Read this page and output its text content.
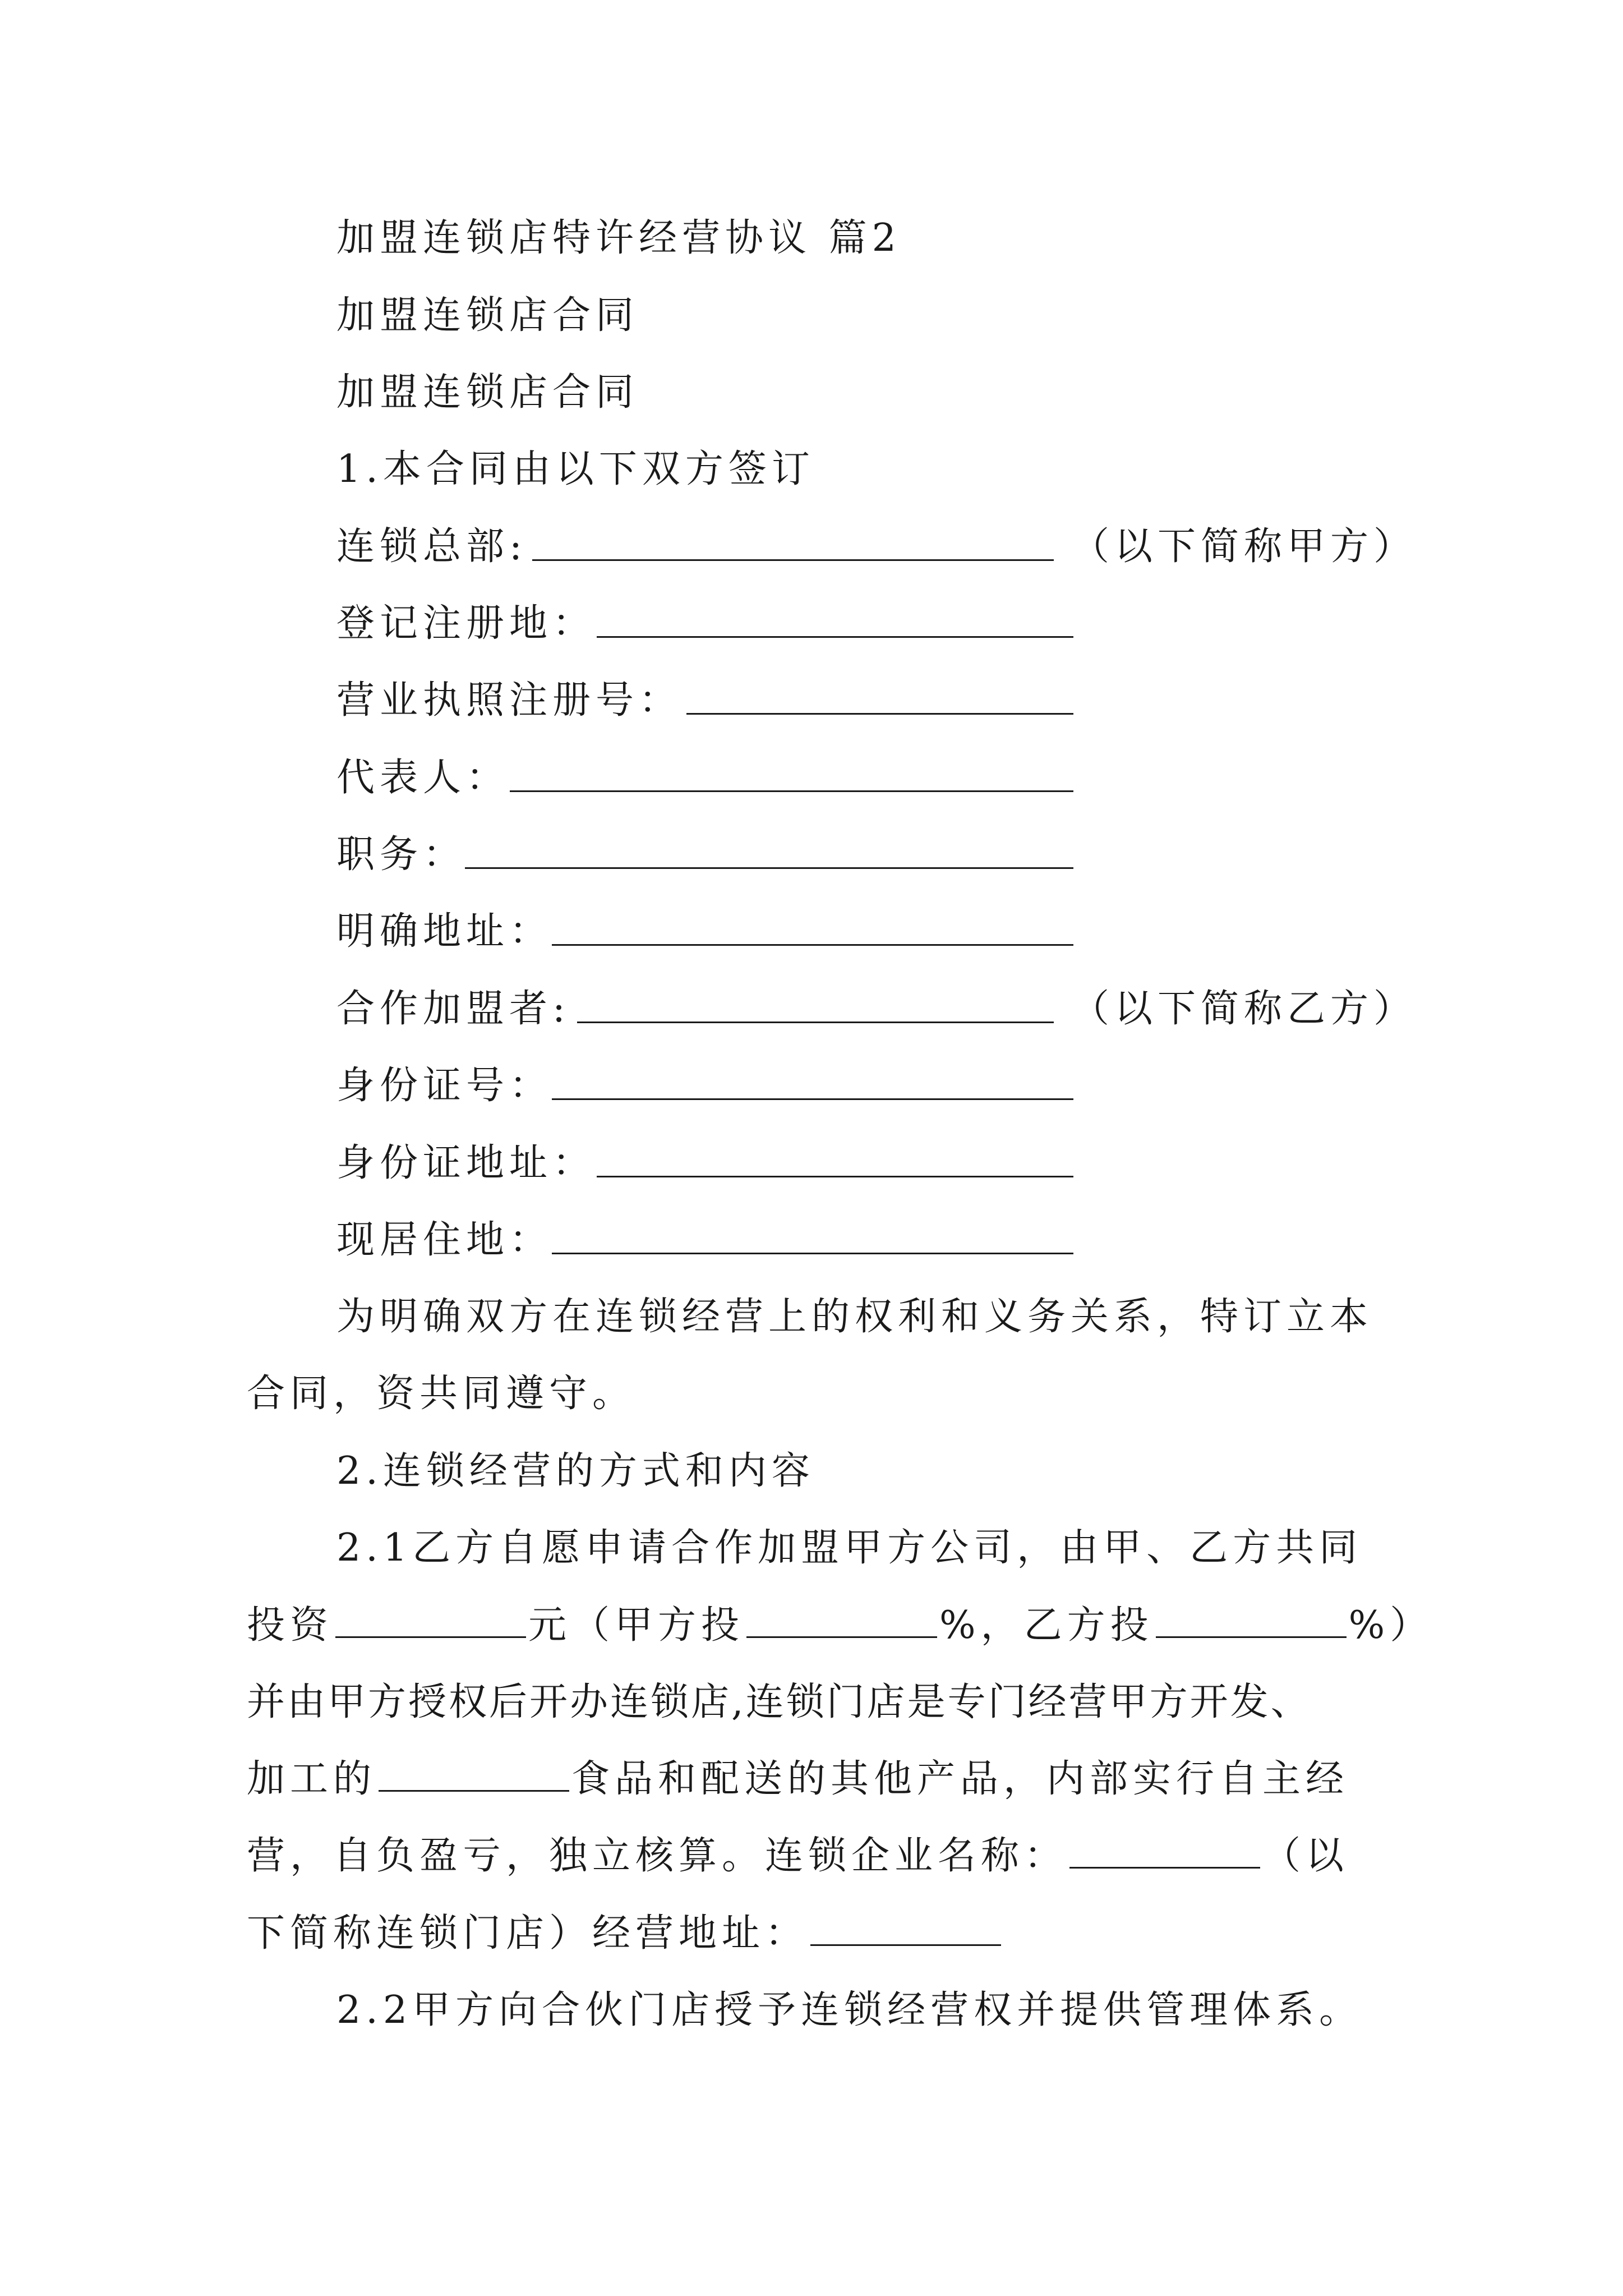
加盟连锁店特许经营协议 篇2
加盟连锁店合同
加盟连锁店合同
1.本合同由以下双方签订
连锁总部:	（以下简称甲方）
登记注册地：
营业执照注册号：
代表人：
职务：
明确地址：
合作加盟者:	（以下简称乙方）
身份证号：
身份证地址：
现居住地：
为明确双方在连锁经营上的权利和义务关系，特订立本
合同，资共同遵守。
2.连锁经营的方式和内容
2.1乙方自愿申请合作加盟甲方公司，由甲、乙方共同
投资	元（甲方投	%，乙方投	%）
并由甲方授权后开办连锁店,连锁门店是专门经营甲方开发、
加工的	食品和配送的其他产品，内部实行自主经
营，自负盈亏，独立核算。连锁企业名称：	（以
下简称连锁门店）经营地址：
2.2甲方向合伙门店授予连锁经营权并提供管理体系。
